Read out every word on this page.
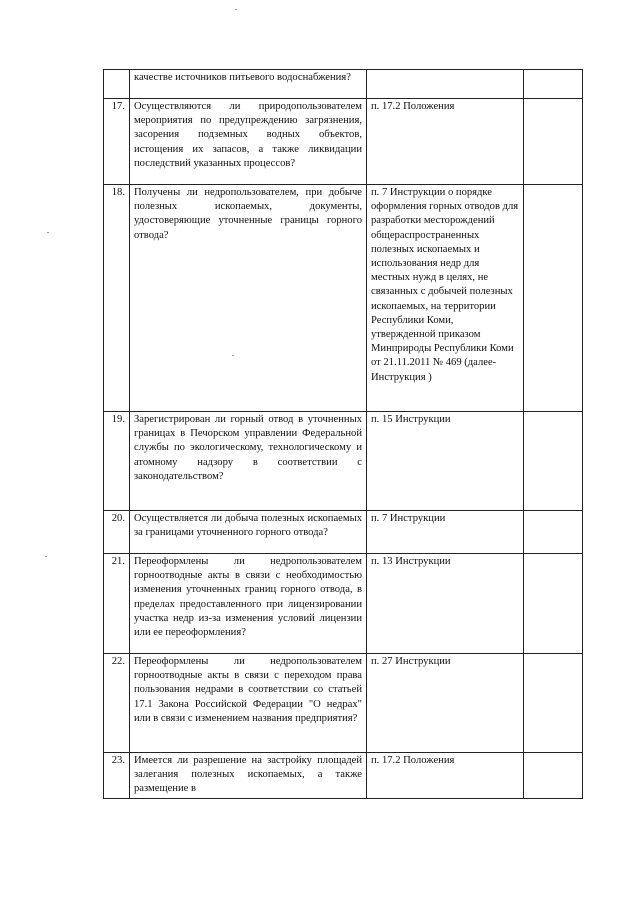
	качестве источников питьевого водоснабжения?		
17.	Осуществляются ли природопользователем мероприятия по предупреждению загрязнения, засорения подземных водных объектов, истощения их запасов, а также ликвидации последствий указанных процессов?	п. 17.2 Положения	
18.	Получены ли недропользователем, при добыче полезных ископаемых, документы, удостоверяющие уточненные границы горного отвода?	п. 7 Инструкции о порядке оформления горных отводов для разработки месторождений общераспространенных полезных ископаемых и использования недр для местных нужд в целях, не связанных с добычей полезных ископаемых, на территории Республики Коми, утвержденной приказом Минприроды Республики Коми от 21.11.2011 № 469 (далее-Инструкция )	
19.	Зарегистрирован ли горный отвод в уточненных границах в Печорском управлении Федеральной службы по экологическому, технологическому и атомному надзору в соответствии с законодательством?	п. 15 Инструкции	
20.	Осуществляется ли добыча полезных ископаемых за границами уточненного горного отвода?	п. 7 Инструкции	
21.	Переоформлены ли недропользователем горноотводные акты в связи с необходимостью изменения уточненных границ горного отвода, в пределах предоставленного при лицензировании участка недр из-за изменения условий лицензии или ее переоформления?	п. 13 Инструкции	
22.	Переоформлены ли недропользователем горноотводные акты в связи с переходом права пользования недрами в соответствии со статьей 17.1 Закона Российской Федерации "О недрах" или в связи с изменением названия предприятия?	п. 27 Инструкции	
23.	Имеется ли разрешение на застройку площадей залегания полезных ископаемых, а также размещение в	п. 17.2 Положения	
